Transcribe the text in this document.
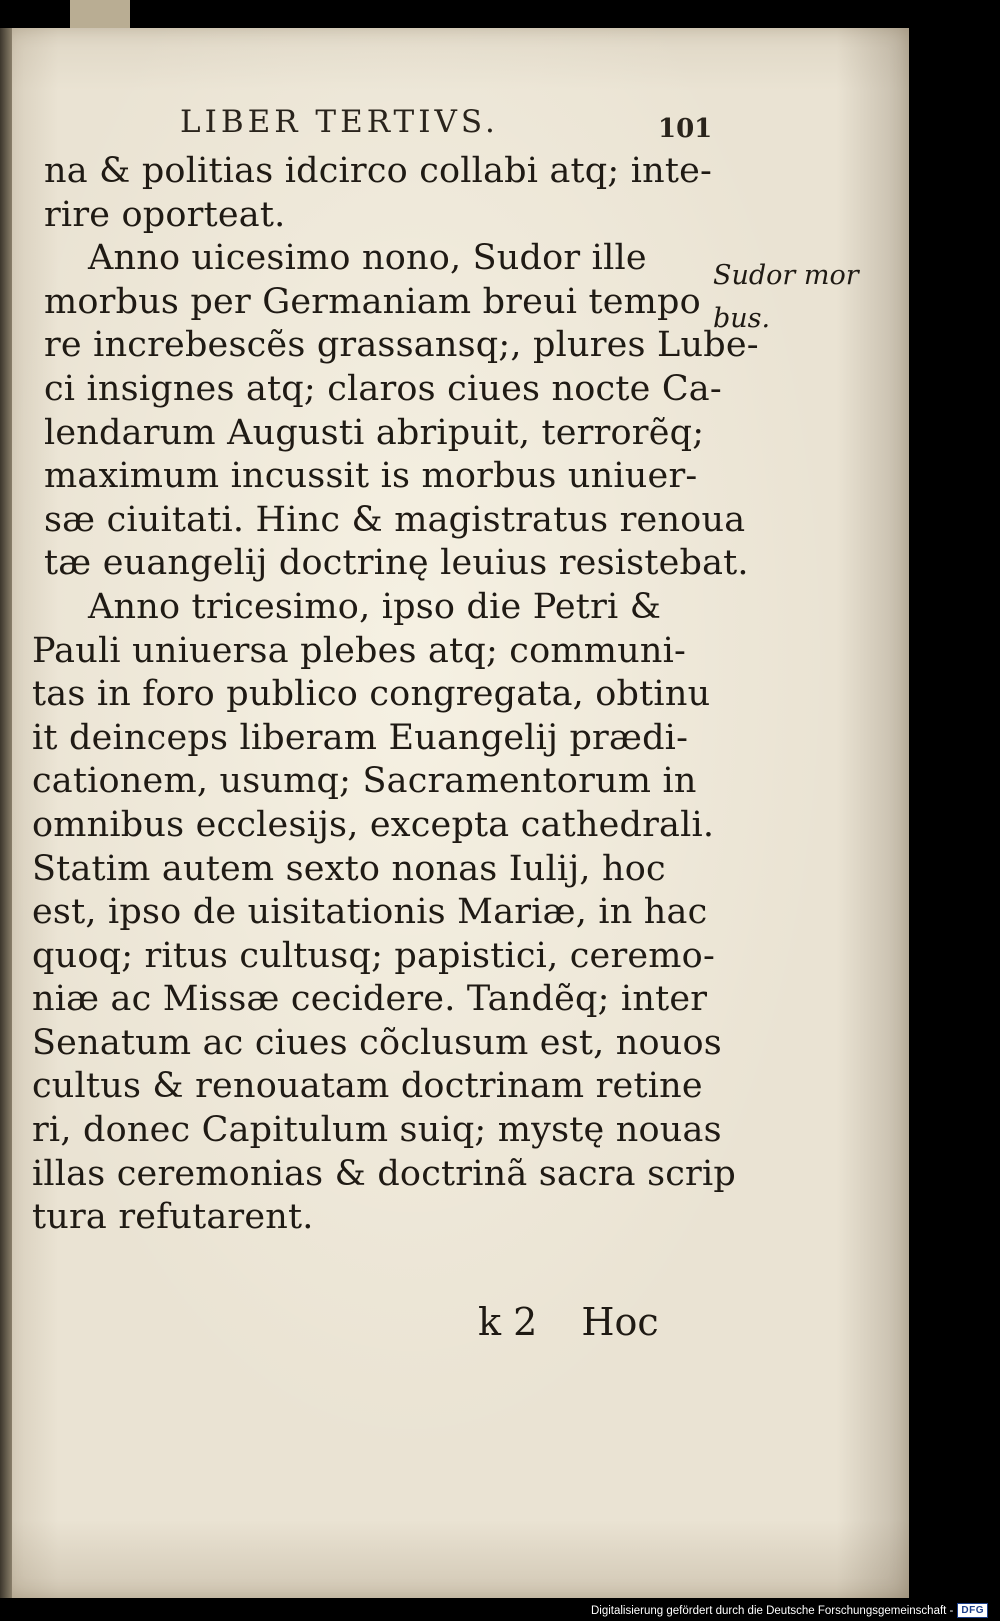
LIBER TERTIVS.	101
na & politias idcirco collabi atq; inte-
rire oporteat.
Anno uicesimo nono, Sudor ille
morbus per Germaniam breui tempo
re increbescẽs grassansq;, plures Lube-
ci insignes atq; claros ciues nocte Ca-
lendarum Augusti abripuit, terrorẽq;
maximum incussit is morbus uniuer-
sæ ciuitati. Hinc & magistratus renoua
tæ euangelij doctrinę leuius resistebat.
Anno tricesimo, ipso die Petri &
Pauli uniuersa plebes atq; communi-
tas in foro publico congregata, obtinu
it deinceps liberam Euangelij prædi-
cationem, usumq; Sacramentorum in
omnibus ecclesijs, excepta cathedrali.
Statim autem sexto nonas Iulij, hoc
est, ipso de uisitationis Mariæ, in hac
quoq; ritus cultusq; papistici, ceremo-
niæ ac Missæ cecidere. Tandẽq; inter
Senatum ac ciues cõclusum est, nouos
cultus & renouatam doctrinam retine
ri, donec Capitulum suiq; mystę nouas
illas ceremonias & doctrinã sacra scrip
tura refutarent.
Sudor mor
bus.
k 2 Hoc
Digitalisierung gefördert durch die Deutsche Forschungsgemeinschaft - DFG
